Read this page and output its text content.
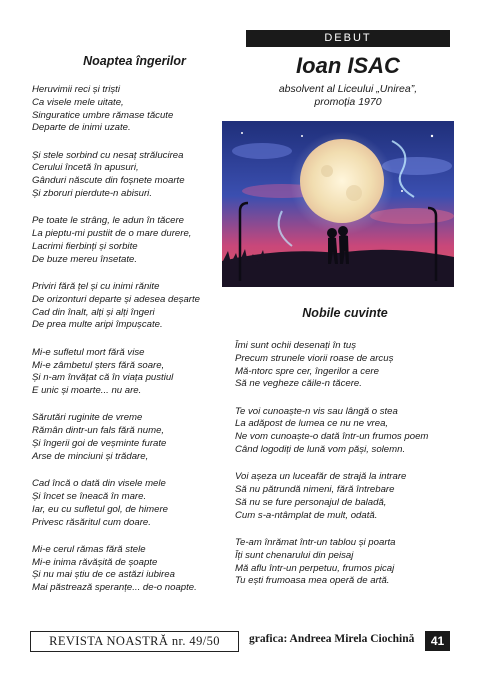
Noaptea îngerilor
Heruvimii reci și triști
Ca visele mele uitate,
Singuratice umbre rămase tăcute
Departe de inimi uzate.
Și stele sorbind cu nesaț strălucirea
Cerului încetă în apusuri,
Gânduri născute din foșnete moarte
Și zboruri pierdute-n abisuri.
Pe toate le strâng, le adun în tăcere
La pieptu-mi pustiit de o mare durere,
Lacrimi fierbinți și sorbite
De buze mereu însetate.
Priviri fără țel și cu inimi rănite
De orizonturi departe și adesea deșarte
Cad din înalt, alți și alți îngeri
De prea multe aripi împușcate.
Mi-e sufletul mort fără vise
Mi-e zâmbetul șters fără soare,
Și n-am învățat că în viața pustiul
E unic și moarte... nu are.
Sărutări ruginite de vreme
Rămân dintr-un fals fără nume,
Și îngerii goi de veșminte furate
Arse de minciuni și trădare,
Cad încă o dată din visele mele
Și încet se îneacă în mare.
Iar, eu cu sufletul gol, de himere
Privesc răsăritul cum doare.
Mi-e cerul rămas fără stele
Mi-e inima răvășită de șoapte
Și nu mai știu de ce astăzi iubirea
Mai păstrează speranțe... de-o noapte.
DEBUT
Ioan ISAC
absolvent al Liceului „Unirea”,
promoția 1970
Nobile cuvinte
Îmi sunt ochii desenați în tuș
Precum strunele viorii roase de arcuș
Mă-ntorc spre cer, îngerilor a cere
Să ne vegheze căile-n tăcere.
Te voi cunoaște-n vis sau lângă o stea
La adăpost de lumea ce nu ne vrea,
Ne vom cunoaște-o dată într-un frumos poem
Când logodiți de lună vom păși, solemn.
Voi așeza un luceafăr de strajă la intrare
Să nu pătrundă nimeni, fără întrebare
Să nu se fure personajul de baladă,
Cum s-a-ntâmplat de mult, odată.
Te-am înrămat într-un tablou și poarta
Îți sunt chenarului din peisaj
Mă aflu într-un perpetuu, frumos picaj
Tu ești frumoasa mea operă de artă.
REVISTA NOASTRĂ nr. 49/50	grafica: Andreea Mirela Ciochină	41
